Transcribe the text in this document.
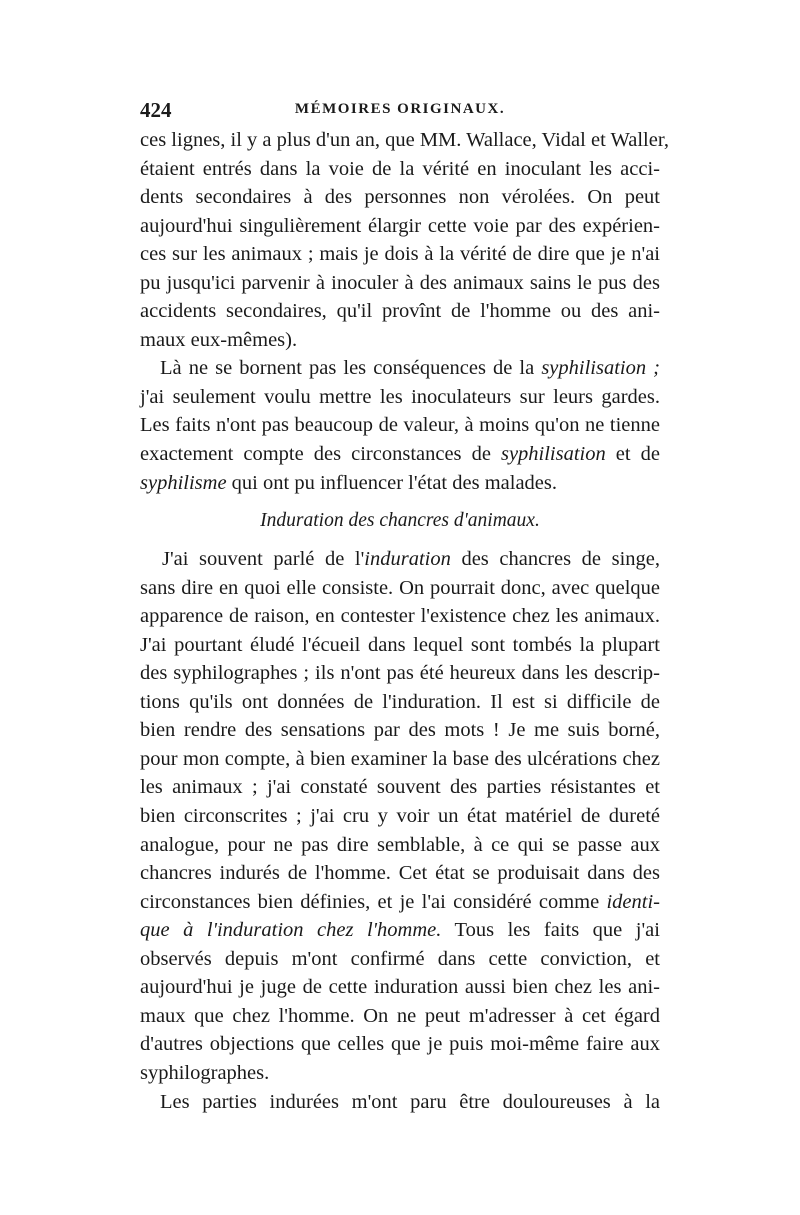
424	MÉMOIRES ORIGINAUX.
ces lignes, il y a plus d'un an, que MM. Wallace, Vidal et Waller,
étaient entrés dans la voie de la vérité en inoculant les acci-
dents secondaires à des personnes non vérolées. On peut
aujourd'hui singulièrement élargir cette voie par des expérien-
ces sur les animaux ; mais je dois à la vérité de dire que je n'ai
pu jusqu'ici parvenir à inoculer à des animaux sains le pus des
accidents secondaires, qu'il provînt de l'homme ou des ani-
maux eux-mêmes).
Là ne se bornent pas les conséquences de la syphilisation ;
j'ai seulement voulu mettre les inoculateurs sur leurs gardes.
Les faits n'ont pas beaucoup de valeur, à moins qu'on ne tienne
exactement compte des circonstances de syphilisation et de
syphilisme qui ont pu influencer l'état des malades.
Induration des chancres d'animaux.
J'ai souvent parlé de l'induration des chancres de singe,
sans dire en quoi elle consiste. On pourrait donc, avec quelque
apparence de raison, en contester l'existence chez les animaux.
J'ai pourtant éludé l'écueil dans lequel sont tombés la plupart
des syphilographes ; ils n'ont pas été heureux dans les descrip-
tions qu'ils ont données de l'induration. Il est si difficile de
bien rendre des sensations par des mots ! Je me suis borné,
pour mon compte, à bien examiner la base des ulcérations chez
les animaux ; j'ai constaté souvent des parties résistantes et
bien circonscrites ; j'ai cru y voir un état matériel de dureté
analogue, pour ne pas dire semblable, à ce qui se passe aux
chancres indurés de l'homme. Cet état se produisait dans des
circonstances bien définies, et je l'ai considéré comme identi-
que à l'induration chez l'homme. Tous les faits que j'ai
observés depuis m'ont confirmé dans cette conviction, et
aujourd'hui je juge de cette induration aussi bien chez les ani-
maux que chez l'homme. On ne peut m'adresser à cet égard
d'autres objections que celles que je puis moi-même faire aux
syphilographes.
Les parties indurées m'ont paru être douloureuses à la
